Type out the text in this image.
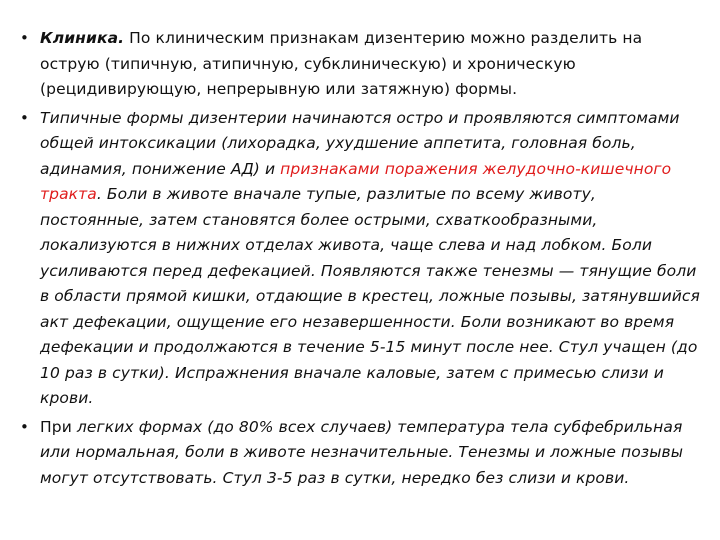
• Клиника. По клиническим признакам дизентерию можно разделить на острую (типичную, атипичную, субклиническую) и хроническую (рецидивирующую, непрерывную или затяжную) формы.
• Типичные формы дизентерии начинаются остро и проявляются симптомами общей интоксикации (лихорадка, ухудшение аппетита, головная боль, адинамия, понижение АД) и признаками поражения желудочно-кишечного тракта. Боли в животе вначале тупые, разлитые по всему животу, постоянные, затем становятся более острыми, схваткообразными, локализуются в нижних отделах живота, чаще слева и над лобком. Боли усиливаются перед дефекацией. Появляются также тенезмы — тянущие боли в области прямой кишки, отдающие в крестец, ложные позывы, затянувшийся акт дефекации, ощущение его незавершенности. Боли возникают во время дефекации и продолжаются в течение 5-15 минут после нее. Стул учащен (до 10 раз в сутки). Испражнения вначале каловые, затем с примесью слизи и крови.
• При легких формах (до 80% всех случаев) температура тела субфебрильная или нормальная, боли в животе незначительные. Тенезмы и ложные позывы могут отсутствовать. Стул 3-5 раз в сутки, нередко без слизи и крови.
